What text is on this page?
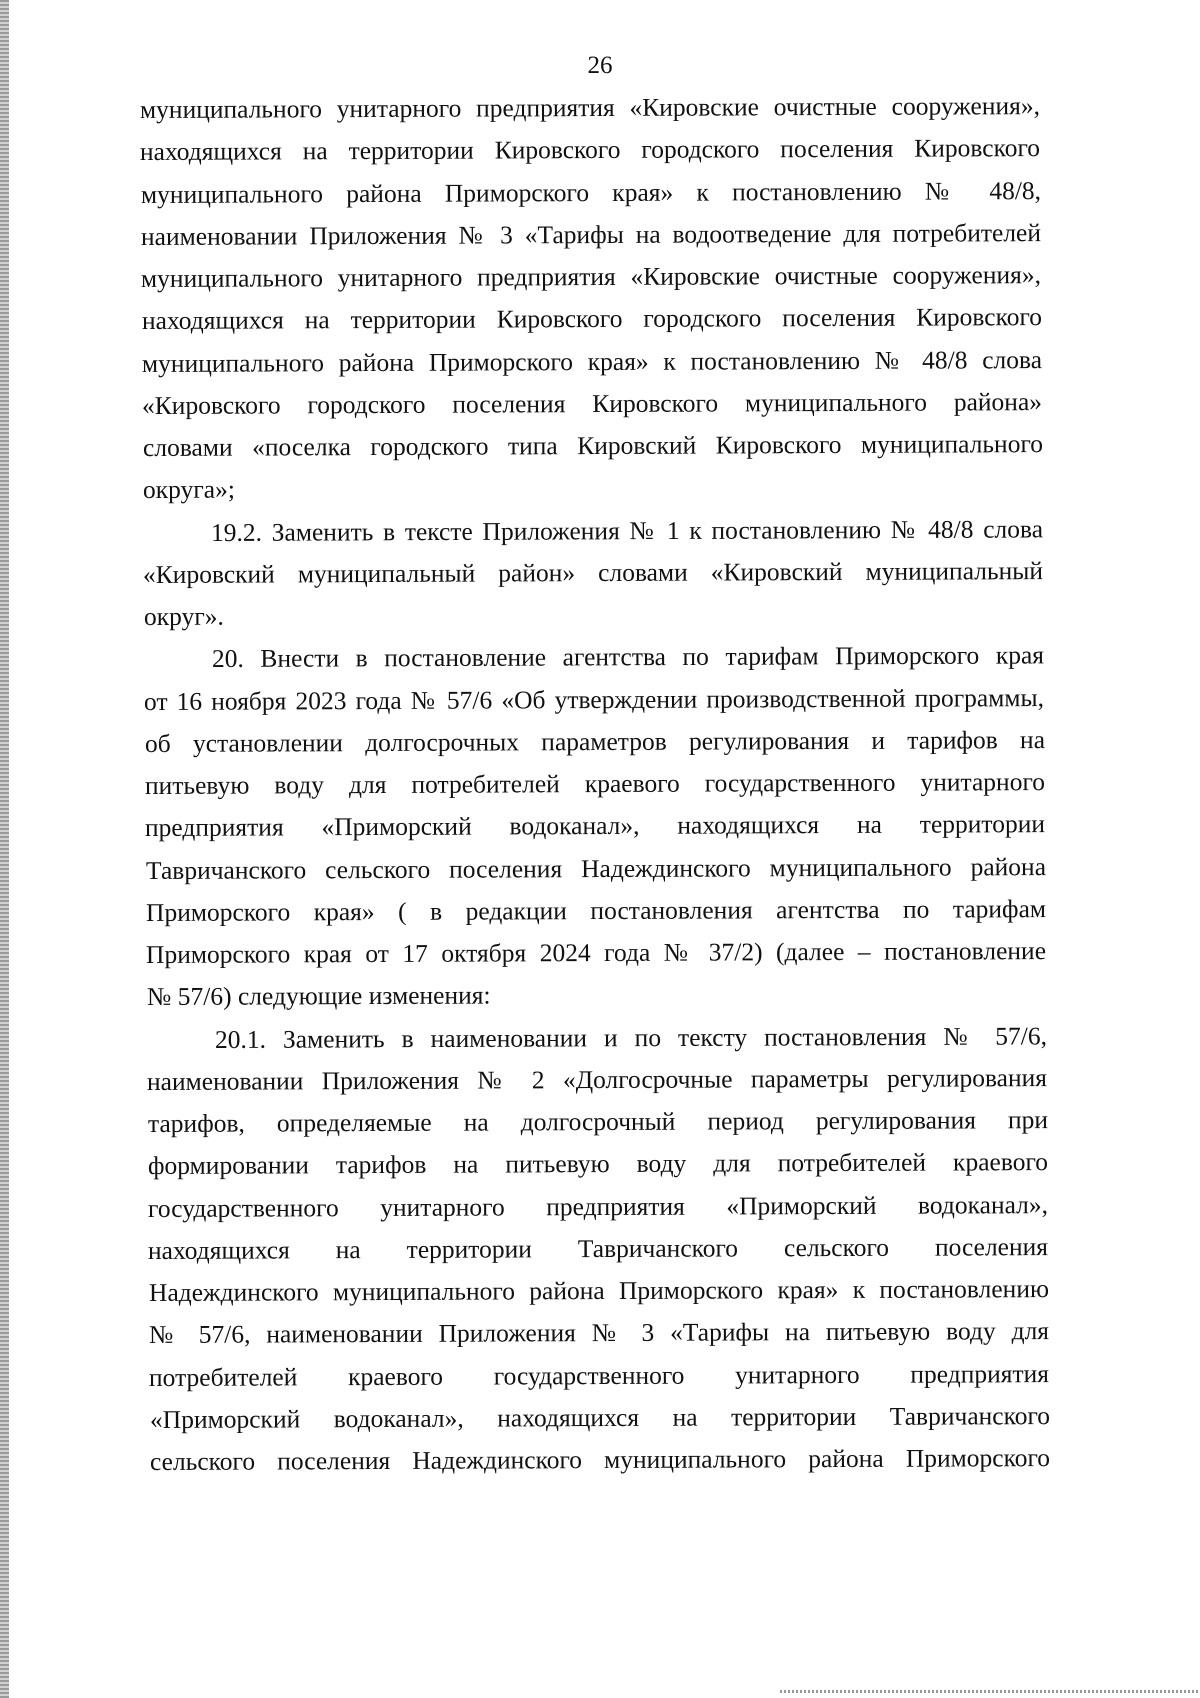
26
муниципального унитарного предприятия «Кировские очистные сооружения»,
находящихся на территории Кировского городского поселения Кировского
муниципального района Приморского края» к постановлению № 48/8,
наименовании Приложения № 3 «Тарифы на водоотведение для потребителей
муниципального унитарного предприятия «Кировские очистные сооружения»,
находящихся на территории Кировского городского поселения Кировского
муниципального района Приморского края» к постановлению № 48/8 слова
«Кировского городского поселения Кировского муниципального района»
словами «поселка городского типа Кировский Кировского муниципального
округа»;
19.2. Заменить в тексте Приложения № 1 к постановлению № 48/8 слова
«Кировский муниципальный район» словами «Кировский муниципальный
округ».
20. Внести в постановление агентства по тарифам Приморского края
от 16 ноября 2023 года № 57/6 «Об утверждении производственной программы,
об установлении долгосрочных параметров регулирования и тарифов на
питьевую воду для потребителей краевого государственного унитарного
предприятия «Приморский водоканал», находящихся на территории
Тавричанского сельского поселения Надеждинского муниципального района
Приморского края» ( в редакции постановления агентства по тарифам
Приморского края от 17 октября 2024 года № 37/2) (далее – постановление
№ 57/6) следующие изменения:
20.1. Заменить в наименовании и по тексту постановления № 57/6,
наименовании Приложения № 2 «Долгосрочные параметры регулирования
тарифов, определяемые на долгосрочный период регулирования при
формировании тарифов на питьевую воду для потребителей краевого
государственного унитарного предприятия «Приморский водоканал»,
находящихся на территории Тавричанского сельского поселения
Надеждинского муниципального района Приморского края» к постановлению
№ 57/6, наименовании Приложения № 3 «Тарифы на питьевую воду для
потребителей краевого государственного унитарного предприятия
«Приморский водоканал», находящихся на территории Тавричанского
сельского поселения Надеждинского муниципального района Приморского
